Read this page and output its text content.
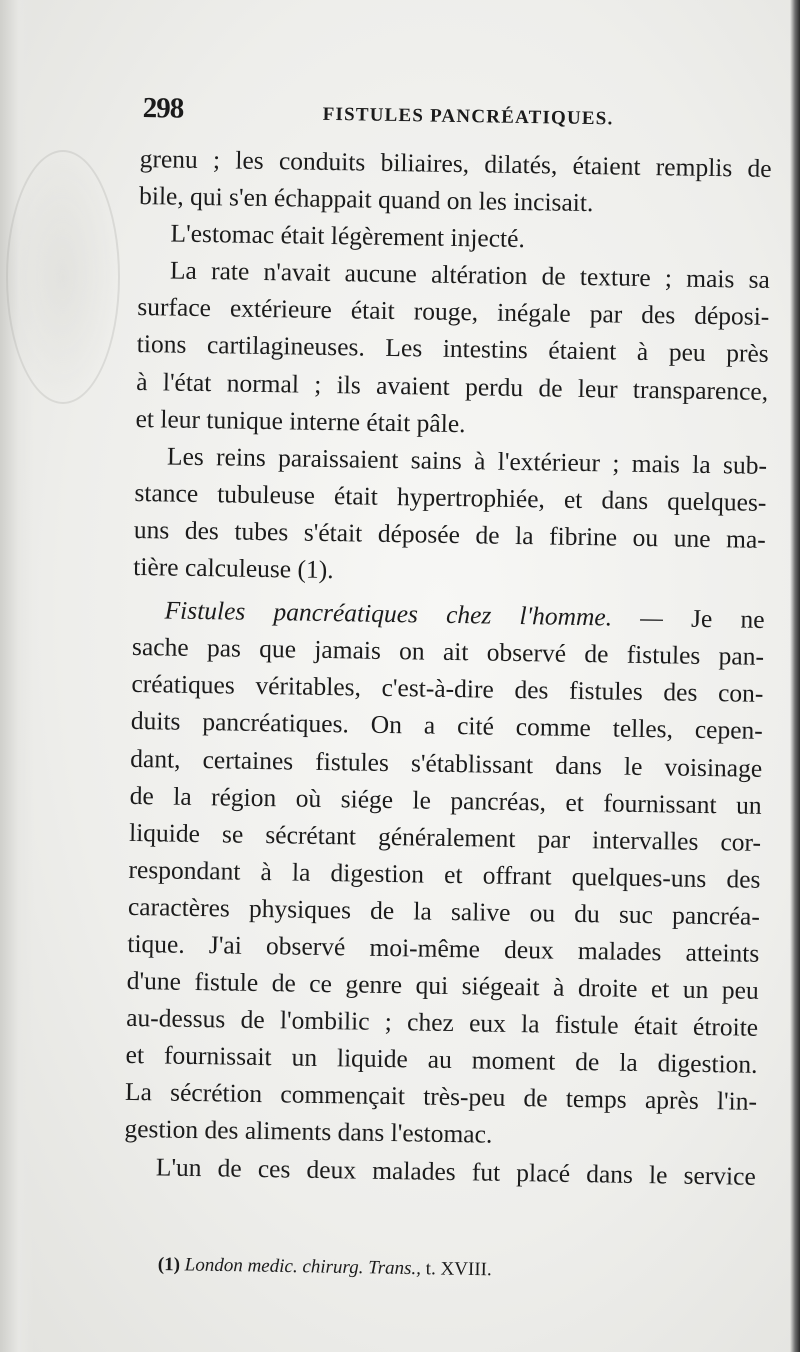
298	FISTULES PANCRÉATIQUES.
grenu ; les conduits biliaires, dilatés, étaient remplis de
bile, qui s'en échappait quand on les incisait.
L'estomac était légèrement injecté.
La rate n'avait aucune altération de texture ; mais sa
surface extérieure était rouge, inégale par des déposi-
tions cartilagineuses. Les intestins étaient à peu près
à l'état normal ; ils avaient perdu de leur transparence,
et leur tunique interne était pâle.
Les reins paraissaient sains à l'extérieur ; mais la sub-
stance tubuleuse était hypertrophiée, et dans quelques-
uns des tubes s'était déposée de la fibrine ou une ma-
tière calculeuse (1).
Fistules pancréatiques chez l'homme. — Je ne
sache pas que jamais on ait observé de fistules pan-
créatiques véritables, c'est-à-dire des fistules des con-
duits pancréatiques. On a cité comme telles, cepen-
dant, certaines fistules s'établissant dans le voisinage
de la région où siége le pancréas, et fournissant un
liquide se sécrétant généralement par intervalles cor-
respondant à la digestion et offrant quelques-uns des
caractères physiques de la salive ou du suc pancréa-
tique. J'ai observé moi-même deux malades atteints
d'une fistule de ce genre qui siégeait à droite et un peu
au-dessus de l'ombilic ; chez eux la fistule était étroite
et fournissait un liquide au moment de la digestion.
La sécrétion commençait très-peu de temps après l'in-
gestion des aliments dans l'estomac.
L'un de ces deux malades fut placé dans le service
(1) London medic. chirurg. Trans., t. XVIII.
